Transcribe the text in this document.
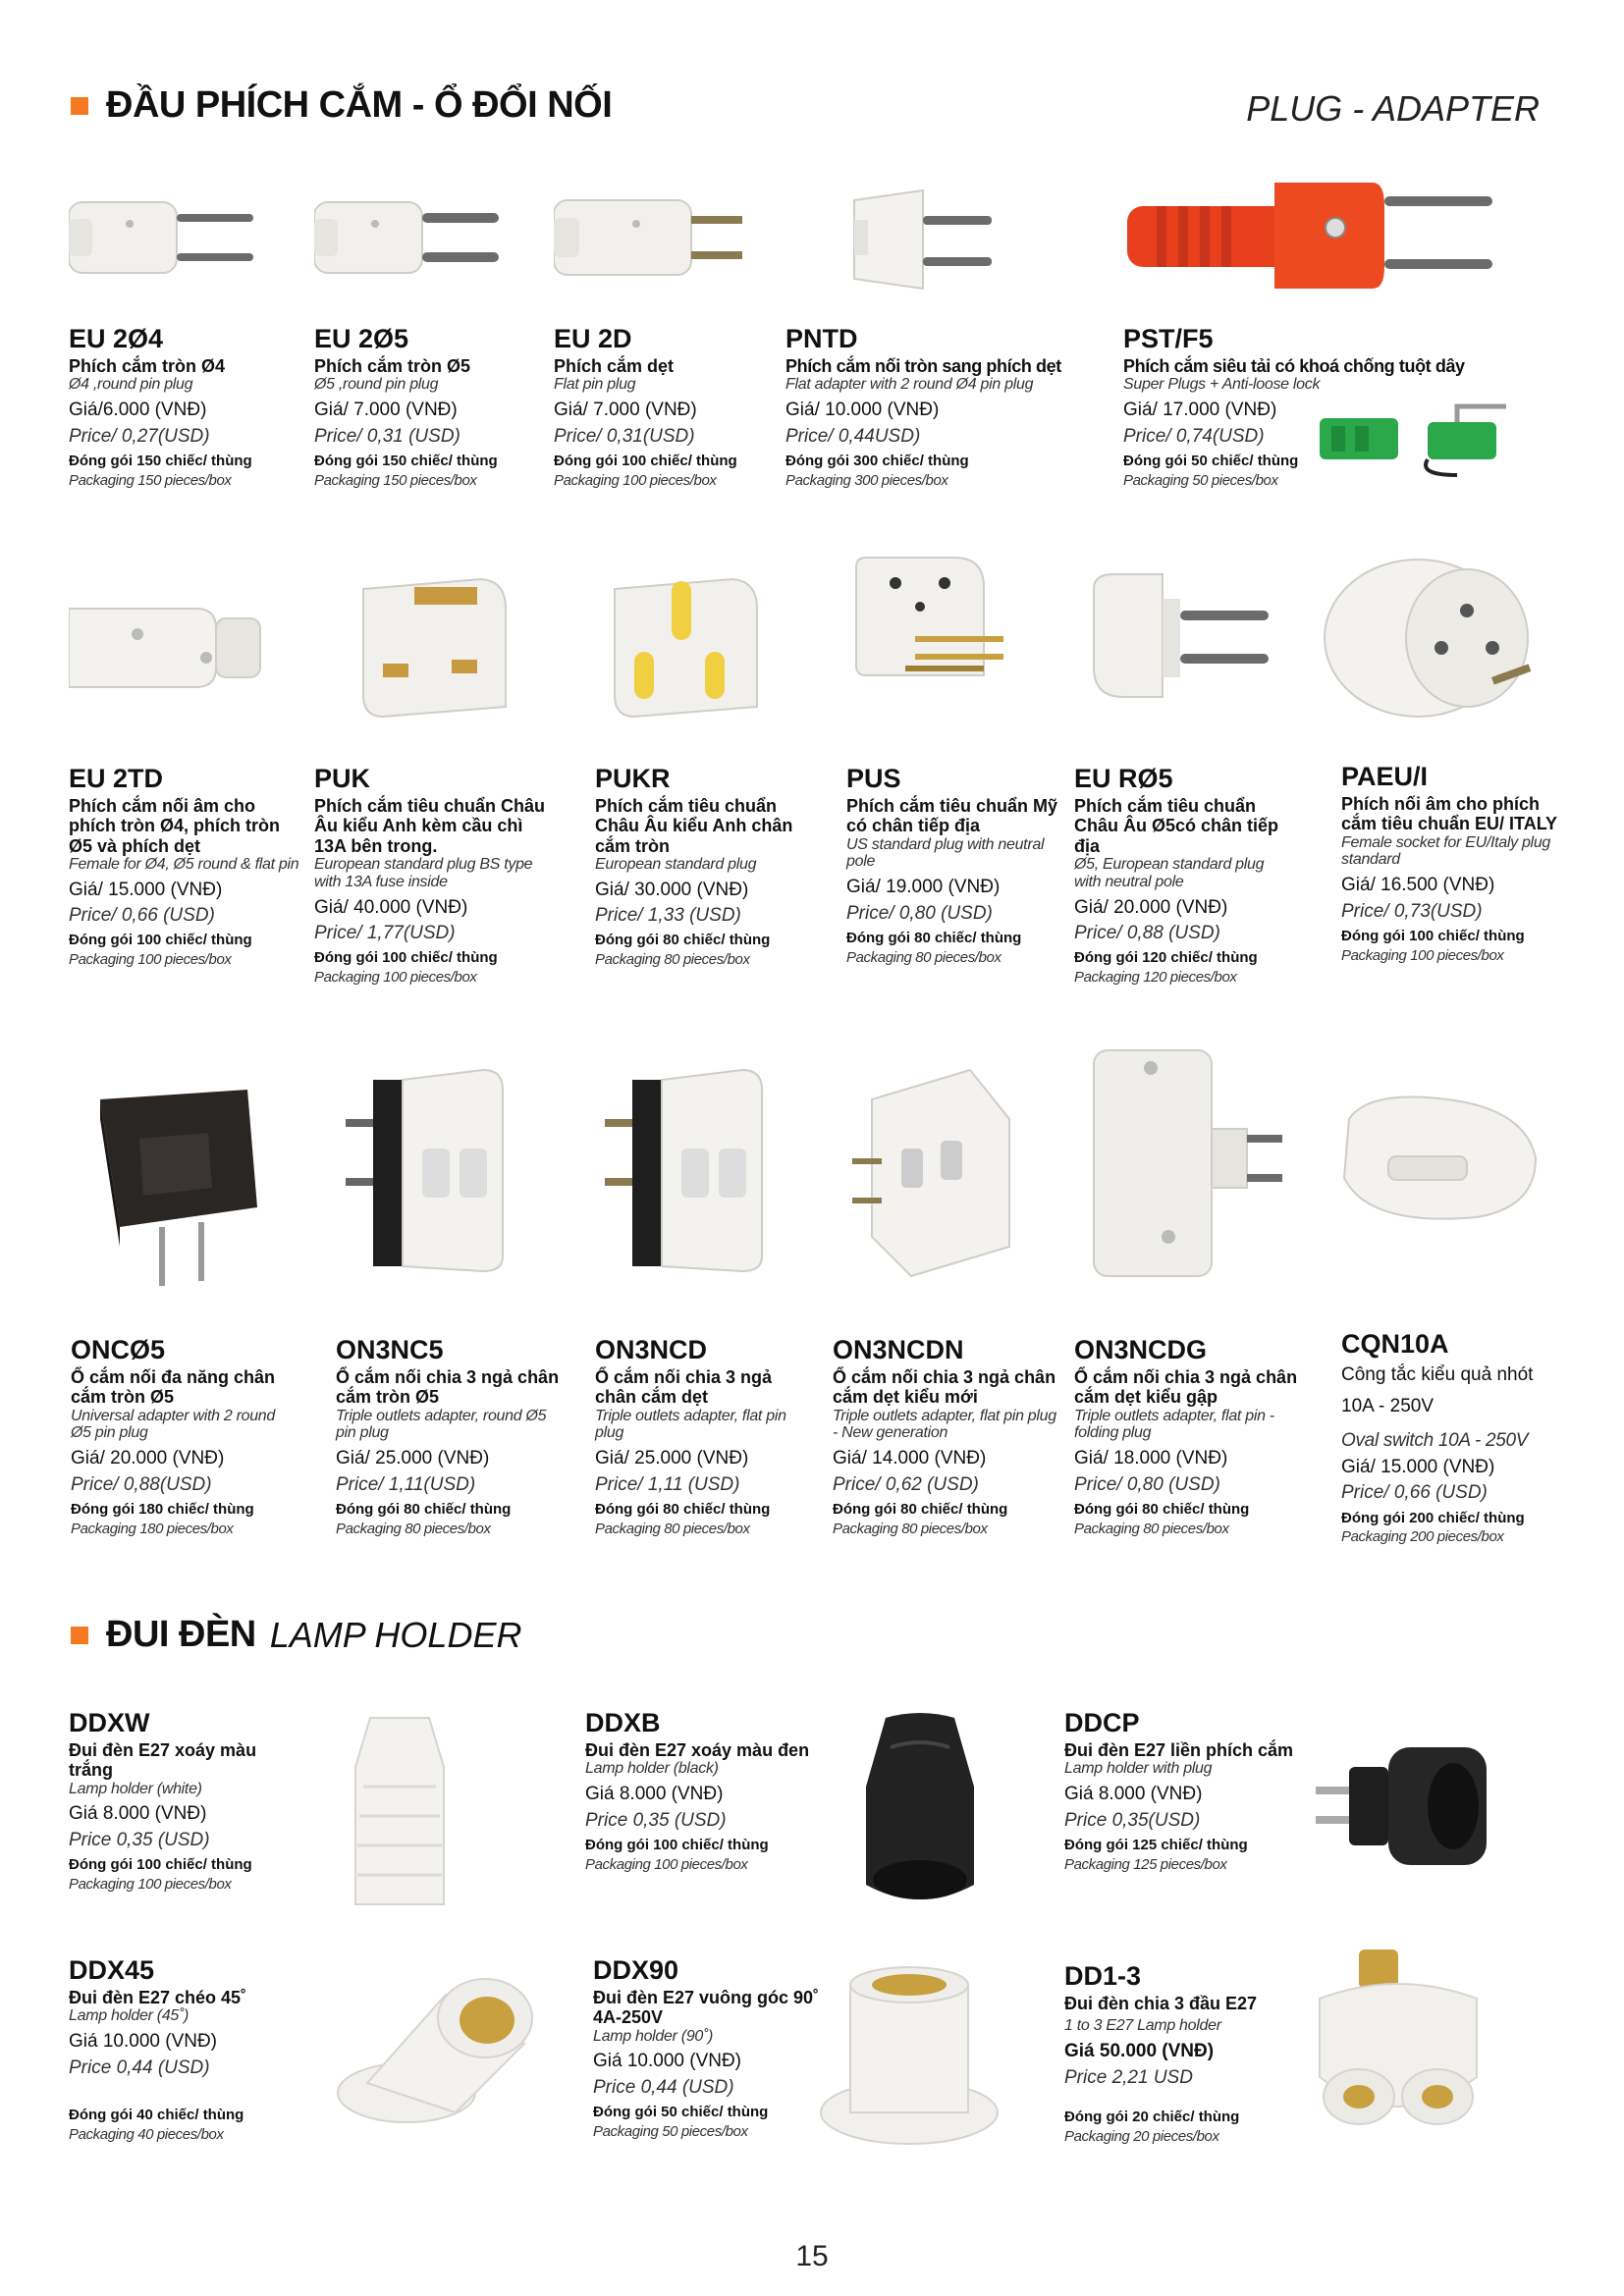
ĐẦU PHÍCH CẮM - Ổ ĐỔI NỐI	PLUG - ADAPTER
ĐUI ĐÈN LAMP HOLDER
EU 2Ø4
Phích cắm tròn Ø4
Ø4 ,round pin plug
Giá/6.000 (VNĐ)
Price/ 0,27(USD)
Đóng gói 150 chiếc/ thùng
Packaging 150 pieces/box
EU 2Ø5
Phích cắm tròn Ø5
Ø5 ,round pin plug
Giá/ 7.000 (VNĐ)
Price/ 0,31 (USD)
Đóng gói 150 chiếc/ thùng
Packaging 150 pieces/box
EU 2D
Phích cắm dẹt
Flat pin plug
Giá/ 7.000 (VNĐ)
Price/ 0,31(USD)
Đóng gói 100 chiếc/ thùng
Packaging 100 pieces/box
PNTD
Phích cắm nối tròn sang phích dẹt
Flat adapter with 2 round Ø4 pin plug
Giá/ 10.000 (VNĐ)
Price/ 0,44USD)
Đóng gói 300 chiếc/ thùng
Packaging 300 pieces/box
PST/F5
Phích cắm siêu tải có khoá chống tuột dây
Super Plugs + Anti-loose lock
Giá/ 17.000 (VNĐ)
Price/ 0,74(USD)
Đóng gói 50 chiếc/ thùng
Packaging 50 pieces/box
EU 2TD
Phích cắm nối âm cho phích tròn Ø4, phích tròn Ø5 và phích dẹt
Female for Ø4, Ø5 round & flat pin
Giá/ 15.000 (VNĐ)
Price/ 0,66 (USD)
Đóng gói 100 chiếc/ thùng
Packaging 100 pieces/box
PUK
Phích cắm tiêu chuẩn Châu Âu kiểu Anh kèm cầu chì 13A bên trong.
European standard plug BS type with 13A fuse inside
Giá/ 40.000 (VNĐ)
Price/ 1,77(USD)
Đóng gói 100 chiếc/ thùng
Packaging 100 pieces/box
PUKR
Phích cắm tiêu chuẩn Châu Âu kiểu Anh chân cắm tròn
European standard plug
Giá/ 30.000 (VNĐ)
Price/ 1,33 (USD)
Đóng gói 80 chiếc/ thùng
Packaging 80 pieces/box
PUS
Phích cắm tiêu chuẩn Mỹ có chân tiếp địa
US standard plug with neutral pole
Giá/ 19.000 (VNĐ)
Price/ 0,80 (USD)
Đóng gói 80 chiếc/ thùng
Packaging 80 pieces/box
EU RØ5
Phích cắm tiêu chuẩn Châu Âu Ø5có chân tiếp địa
Ø5, European standard plug with neutral pole
Giá/ 20.000 (VNĐ)
Price/ 0,88 (USD)
Đóng gói 120 chiếc/ thùng
Packaging 120 pieces/box
PAEU/I
Phích nối âm cho phích cắm tiêu chuẩn EU/ ITALY
Female socket for EU/Italy plug standard
Giá/ 16.500 (VNĐ)
Price/ 0,73(USD)
Đóng gói 100 chiếc/ thùng
Packaging 100 pieces/box
ONCØ5
Ổ cắm nối đa năng chân cắm tròn Ø5
Universal adapter with 2 round Ø5 pin plug
Giá/ 20.000 (VNĐ)
Price/ 0,88(USD)
Đóng gói 180 chiếc/ thùng
Packaging 180 pieces/box
ON3NC5
Ổ cắm nối chia 3 ngả chân cắm tròn Ø5
Triple outlets adapter, round Ø5 pin plug
Giá/ 25.000 (VNĐ)
Price/ 1,11(USD)
Đóng gói 80 chiếc/ thùng
Packaging 80 pieces/box
ON3NCD
Ổ cắm nối chia 3 ngả chân cắm dẹt
Triple outlets adapter, flat pin plug
Giá/ 25.000 (VNĐ)
Price/ 1,11 (USD)
Đóng gói 80 chiếc/ thùng
Packaging 80 pieces/box
ON3NCDN
Ổ cắm nối chia 3 ngả chân cắm dẹt kiểu mới
Triple outlets adapter, flat pin plug - New generation
Giá/ 14.000 (VNĐ)
Price/ 0,62 (USD)
Đóng gói 80 chiếc/ thùng
Packaging 80 pieces/box
ON3NCDG
Ổ cắm nối chia 3 ngả chân cắm dẹt kiểu gập
Triple outlets adapter, flat pin - folding plug
Giá/ 18.000 (VNĐ)
Price/ 0,80 (USD)
Đóng gói 80 chiếc/ thùng
Packaging 80 pieces/box
CQN10A
Công tắc kiểu quả nhót
10A - 250V
Oval switch 10A - 250V
Giá/ 15.000 (VNĐ)
Price/ 0,66 (USD)
Đóng gói 200 chiếc/ thùng
Packaging 200 pieces/box
DDXW
Đui đèn E27 xoáy màu trắng
Lamp holder (white)
Giá 8.000 (VNĐ)
Price 0,35 (USD)
Đóng gói 100 chiếc/ thùng
Packaging 100 pieces/box
DDXB
Đui đèn E27 xoáy màu đen
Lamp holder (black)
Giá 8.000 (VNĐ)
Price 0,35 (USD)
Đóng gói 100 chiếc/ thùng
Packaging 100 pieces/box
DDCP
Đui đèn E27 liền phích cắm
Lamp holder with plug
Giá 8.000 (VNĐ)
Price 0,35(USD)
Đóng gói 125 chiếc/ thùng
Packaging 125 pieces/box
DDX45
Đui đèn E27 chéo 45˚
Lamp holder (45˚)
Giá 10.000 (VNĐ)
Price 0,44 (USD)
Đóng gói 40 chiếc/ thùng
Packaging 40 pieces/box
DDX90
Đui đèn E27 vuông góc 90˚ 4A-250V
Lamp holder (90˚)
Giá 10.000 (VNĐ)
Price 0,44 (USD)
Đóng gói 50 chiếc/ thùng
Packaging 50 pieces/box
DD1-3
Đui đèn chia 3 đầu E27
1 to 3 E27 Lamp holder
Giá 50.000 (VNĐ)
Price 2,21 USD
Đóng gói 20 chiếc/ thùng
Packaging 20 pieces/box
15
